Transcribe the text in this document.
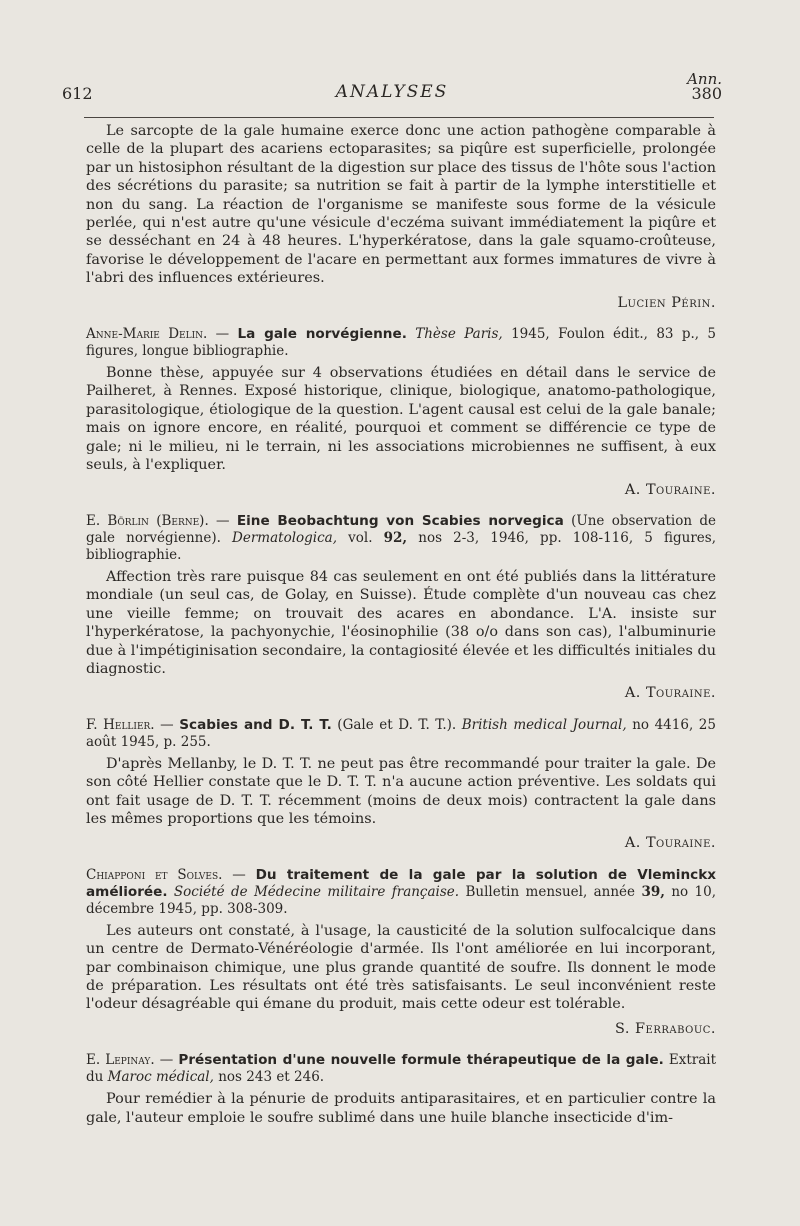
Ann.
612	ANALYSES	380

Le sarcopte de la gale humaine exerce donc une action pathogène comparable à celle de la plupart des acariens ectoparasites; sa piqûre est superficielle, prolongée par un histosiphon résultant de la digestion sur place des tissus de l'hôte sous l'action des sécrétions du parasite; sa nutrition se fait à partir de la lymphe interstitielle et non du sang. La réaction de l'organisme se manifeste sous forme de la vésicule perlée, qui n'est autre qu'une vésicule d'eczéma suivant immédiatement la piqûre et se desséchant en 24 à 48 heures. L'hyperkératose, dans la gale squamo-croûteuse, favorise le développement de l'acare en permettant aux formes immatures de vivre à l'abri des influences extérieures.

Lucien Périn.

Anne-Marie Delin. — La gale norvégienne. Thèse Paris, 1945, Foulon édit., 83 p., 5 figures, longue bibliographie.

Bonne thèse, appuyée sur 4 observations étudiées en détail dans le service de Pailheret, à Rennes. Exposé historique, clinique, biologique, anatomo-pathologique, parasitologique, étiologique de la question. L'agent causal est celui de la gale banale; mais on ignore encore, en réalité, pourquoi et comment se différencie ce type de gale; ni le milieu, ni le terrain, ni les associations microbiennes ne suffisent, à eux seuls, à l'expliquer.

A. Touraine.

E. Börlin (Berne). — Eine Beobachtung von Scabies norvegica (Une observation de gale norvégienne). Dermatologica, vol. 92, nos 2-3, 1946, pp. 108-116, 5 figures, bibliographie.

Affection très rare puisque 84 cas seulement en ont été publiés dans la littérature mondiale (un seul cas, de Golay, en Suisse). Étude complète d'un nouveau cas chez une vieille femme; on trouvait des acares en abondance. L'A. insiste sur l'hyperkératose, la pachyonychie, l'éosinophilie (38 o/o dans son cas), l'albuminurie due à l'impétiginisation secondaire, la contagiosité élevée et les difficultés initiales du diagnostic.

A. Touraine.

F. Hellier. — Scabies and D. T. T. (Gale et D. T. T.). British medical Journal, no 4416, 25 août 1945, p. 255.

D'après Mellanby, le D. T. T. ne peut pas être recommandé pour traiter la gale. De son côté Hellier constate que le D. T. T. n'a aucune action préventive. Les soldats qui ont fait usage de D. T. T. récemment (moins de deux mois) contractent la gale dans les mêmes proportions que les témoins.

A. Touraine.

Chiapponi et Solves. — Du traitement de la gale par la solution de Vleminckx améliorée. Société de Médecine militaire française. Bulletin mensuel, année 39, no 10, décembre 1945, pp. 308-309.

Les auteurs ont constaté, à l'usage, la causticité de la solution sulfocalcique dans un centre de Dermato-Vénéréologie d'armée. Ils l'ont améliorée en lui incorporant, par combinaison chimique, une plus grande quantité de soufre. Ils donnent le mode de préparation. Les résultats ont été très satisfaisants. Le seul inconvénient reste l'odeur désagréable qui émane du produit, mais cette odeur est tolérable.

S. Ferrabouc.

E. Lepinay. — Présentation d'une nouvelle formule thérapeutique de la gale. Extrait du Maroc médical, nos 243 et 246.

Pour remédier à la pénurie de produits antiparasitaires, et en particulier contre la gale, l'auteur emploie le soufre sublimé dans une huile blanche insecticide d'im-
